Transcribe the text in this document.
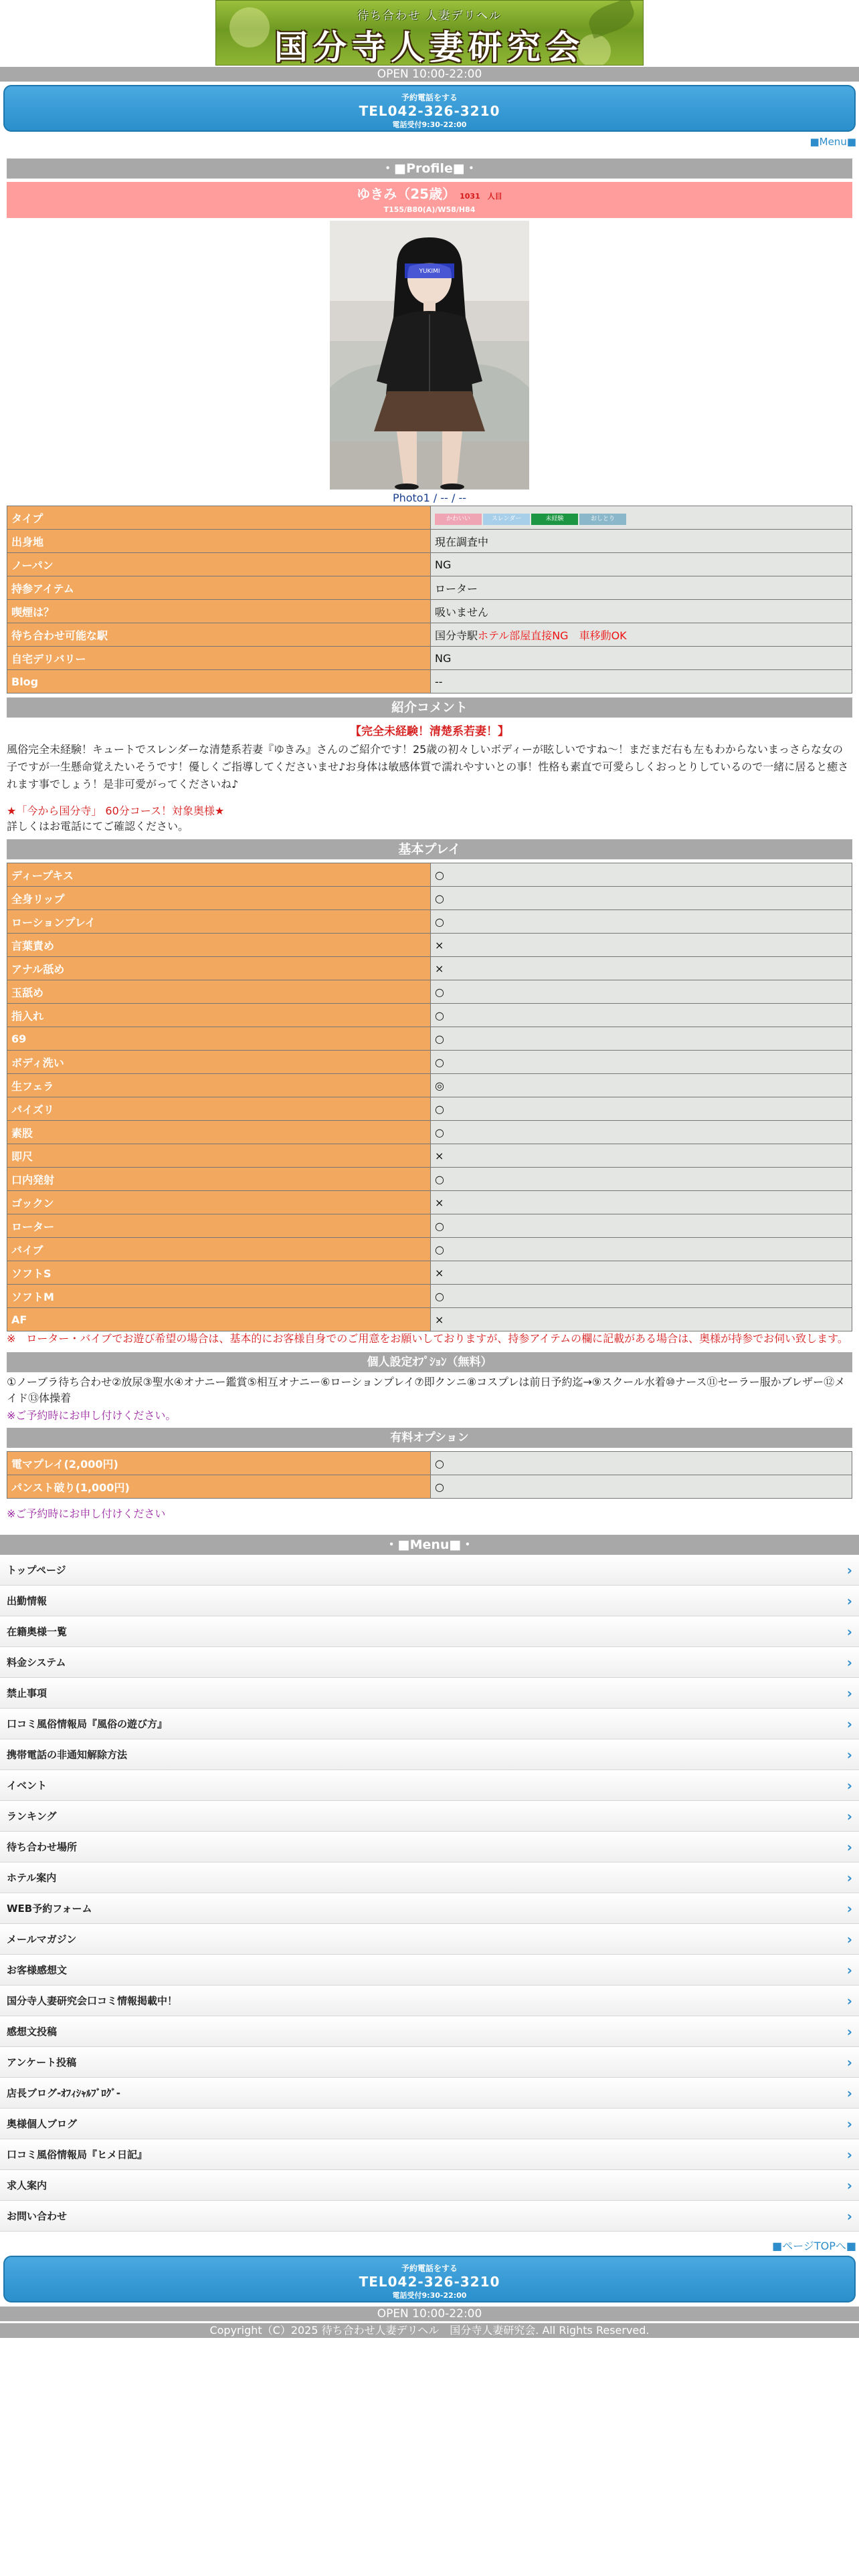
待ち合わせ 人妻デリヘル
国分寺人妻研究会
OPEN 10:00-22:00
予約電話をする
TEL042-326-3210
電話受付9:30-22:00
■Menu■
・■Profile■・
ゆきみ（25歳） 1031　人目
T155/B80(A)/W58/H84
YUKIMI
Photo1 / -- / --
タイプ	かわいい スレンダー 未経験 おしとり
出身地	現在調査中
ノーパン	NG
持参アイテム	ローター
喫煙は？	吸いません
待ち合わせ可能な駅	国分寺駅ホテル部屋直接NG　車移動OK
自宅デリバリー	NG
Blog	--
紹介コメント
【完全未経験！清楚系若妻！】
風俗完全未経験！キュートでスレンダーな清楚系若妻『ゆきみ』さんのご紹介です！25歳の初々しいボディーが眩しいですね～！まだまだ右も左もわからないまっさらな女の子ですが一生懸命覚えたいそうです！優しくご指導してくださいませ♪お身体は敏感体質で濡れやすいとの事！性格も素直で可愛らしくおっとりしているので一緒に居ると癒されます事でしょう！是非可愛がってくださいね♪
★「今から国分寺」 60分コース！対象奥様★
詳しくはお電話にてご確認ください。
基本プレイ
ディープキス	○
全身リップ	○
ローションプレイ	○
言葉責め	×
アナル舐め	×
玉舐め	○
指入れ	○
69	○
ボディ洗い	○
生フェラ	◎
パイズリ	○
素股	○
即尺	×
口内発射	○
ゴックン	×
ローター	○
バイブ	○
ソフトS	×
ソフトM	○
AF	×
※　ローター・バイブでお遊び希望の場合は、基本的にお客様自身でのご用意をお願いしておりますが、持参アイテムの欄に記載がある場合は、奥様が持参でお伺い致します。
個人設定ｵﾌﾟｼｮﾝ（無料）
①ノーブラ待ち合わせ②放尿③聖水④オナニー鑑賞⑤相互オナニー⑥ローションプレイ⑦即クンニ⑧コスプレは前日予約迄→⑨スクール水着⑩ナース⑪セーラー服かブレザー⑫メイド⑬体操着
※ご予約時にお申し付けください。
有料オプション
電マプレイ(2,000円)	○
パンスト破り(1,000円)	○
※ご予約時にお申し付けください
・■Menu■・
トップページ	›
出勤情報	›
在籍奥様一覧	›
料金システム	›
禁止事項	›
口コミ風俗情報局『風俗の遊び方』	›
携帯電話の非通知解除方法	›
イベント	›
ランキング	›
待ち合わせ場所	›
ホテル案内	›
WEB予約フォーム	›
メールマガジン	›
お客様感想文	›
国分寺人妻研究会口コミ情報掲載中！	›
感想文投稿	›
アンケート投稿	›
店長ブログ-ｵﾌｨｼｬﾙﾌﾞﾛｸﾞ-	›
奥様個人ブログ	›
口コミ風俗情報局『ヒメ日記』	›
求人案内	›
お問い合わせ	›
■ページTOPへ■
予約電話をする
TEL042-326-3210
電話受付9:30-22:00
OPEN 10:00-22:00
Copyright（C）2025 待ち合わせ人妻デリヘル　国分寺人妻研究会. All Rights Reserved.
